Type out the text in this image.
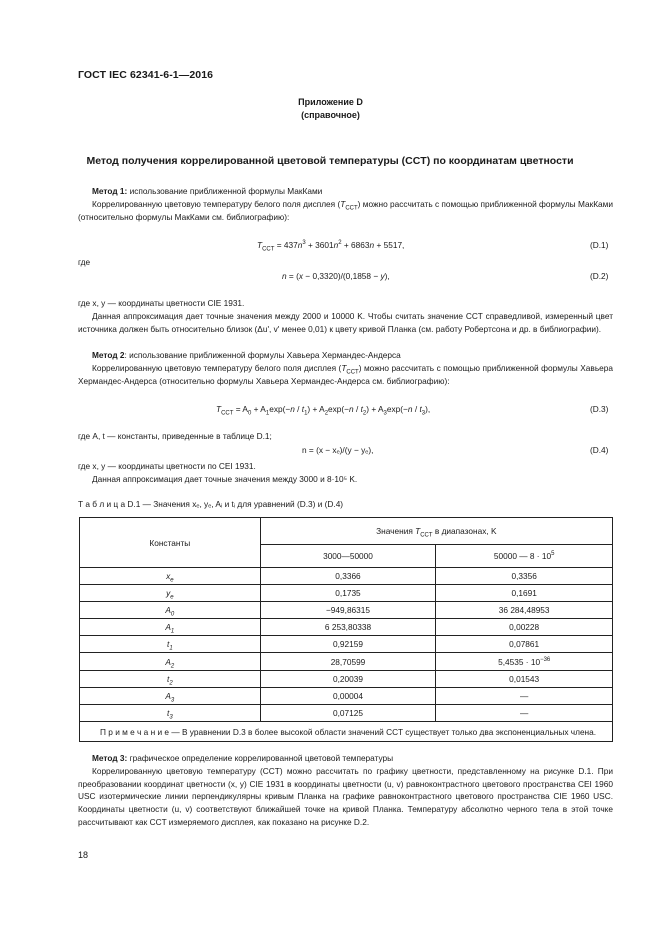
ГОСТ IEC 62341-6-1—2016
Приложение D
(справочное)
Метод получения коррелированной цветовой температуры (CCT) по координатам цветности
Метод 1: использование приближенной формулы МакКами
Коррелированную цветовую температуру белого поля дисплея $(T_{CCT})$ можно рассчитать с помощью приближенной формулы МакКами (относительно формулы МакКами см. библиографию):
$T_{CCT} = 437n^3 + 3601n^2 + 6863n + 5517$,	(D.1)
где
n = (x − 0,3320)/(0,1858 − y),	(D.2)
где x, y — координаты цветности CIE 1931.
Данная аппроксимация дает точные значения между 2000 и 10000 K. Чтобы считать значение CCT справедливой, измеренный цвет источника должен быть относительно близок (Δu', v' менее 0,01) к цвету кривой Планка (см. работу Робертсона и др. в библиографии).
Метод 2: использование приближенной формулы Хавьера Хермандес-Андерса
Коррелированную цветовую температуру белого поля дисплея $(T_{CCT})$ можно рассчитать с помощью приближенной формулы Хавьера Хермандес-Андерса (относительно формулы Хавьера Хермандес-Андерса см. библиографию):
$T_{CCT} = A_0 + A_1\exp(-n / t_1) + A_2\exp(-n / t_2) + A_3\exp(-n / t_3)$,	(D.3)
где A, t — константы, приведенные в таблице D.1;
n = (x − xₑ)/(y − yₑ),	(D.4)
где x, y — координаты цветности по CEI 1931.
Данная аппроксимация дает точные значения между 3000 и 8·10⁵ K.
Т а б л и ц а D.1 — Значения xₑ, yₑ, Aᵢ и tᵢ для уравнений (D.3) и (D.4)
Константы	Значения $T_{CCT}$ в диапазонах, K	
	3000—50000	50000 — $8 \cdot 10^5$
$x_e$	0,3366	0,3356
$y_e$	0,1735	0,1691
$A_0$	−949,86315	36 284,48953
$A_1$	6 253,80338	0,00228
$t_1$	0,92159	0,07861
$A_2$	28,70599	$5,4535 \cdot 10^{-36}$
$t_2$	0,20039	0,01543
$A_3$	0,00004	—
$t_3$	0,07125	—
П р и м е ч а н и е — В уравнении D.3 в более высокой области значений CCT существует только два экспоненциальных члена.		
Метод 3: графическое определение коррелированной цветовой температуры
Коррелированную цветовую температуру (CCT) можно рассчитать по графику цветности, представленному на рисунке D.1. При преобразовании координат цветности (x, y) CIE 1931 в координаты цветности (u, v) равноконтрастного цветового пространства CEI 1960 USC изотермические линии перпендикулярны кривым Планка на графике равноконтрастного цветового пространства CIE 1960 USC. Координаты цветности (u, v) соответствуют ближайшей точке на кривой Планка. Температуру абсолютно черного тела в этой точке рассчитывают как CCT измеряемого дисплея, как показано на рисунке D.2.
18
